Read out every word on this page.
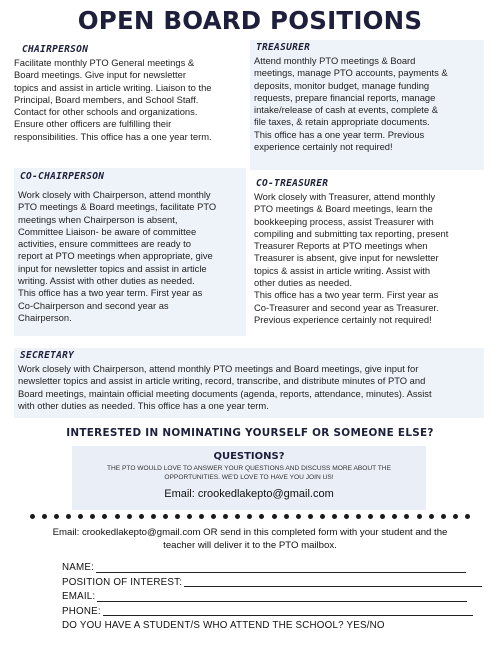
OPEN BOARD POSITIONS
CHAIRPERSON
Facilitate monthly PTO General meetings &
Board meetings. Give input for newsletter
topics and assist in article writing. Liaison to the
Principal, Board members, and School Staff.
Contact for other schools and organizations.
Ensure other officers are fulfilling their
responsibilities. This office has a one year term.
TREASURER
Attend monthly PTO meetings & Board
meetings, manage PTO accounts, payments &
deposits, monitor budget, manage funding
requests, prepare financial reports, manage
intake/release of cash at events, complete &
file taxes, & retain appropriate documents.
This office has a one year term. Previous
experience certainly not required!
CO-CHAIRPERSON
Work closely with Chairperson, attend monthly
PTO meetings & Board meetings, facilitate PTO
meetings when Chairperson is absent,
Committee Liaison- be aware of committee
activities, ensure committees are ready to
report at PTO meetings when appropriate, give
input for newsletter topics and assist in article
writing. Assist with other duties as needed.
This office has a two year term. First year as
Co-Chairperson and second year as
Chairperson.
CO-TREASURER
Work closely with Treasurer, attend monthly
PTO meetings & Board meetings, learn the
bookkeeping process, assist Treasurer with
compiling and submitting tax reporting, present
Treasurer Reports at PTO meetings when
Treasurer is absent, give input for newsletter
topics & assist in article writing. Assist with
other duties as needed.
This office has a two year term. First year as
Co-Treasurer and second year as Treasurer.
Previous experience certainly not required!
SECRETARY
Work closely with Chairperson, attend monthly PTO meetings and Board meetings, give input for
newsletter topics and assist in article writing, record, transcribe, and distribute minutes of PTO and
Board meetings, maintain official meeting documents (agenda, reports, attendance, minutes). Assist
with other duties as needed. This office has a one year term.
INTERESTED IN NOMINATING YOURSELF OR SOMEONE ELSE?
QUESTIONS?
THE PTO WOULD LOVE TO ANSWER YOUR QUESTIONS AND DISCUSS MORE ABOUT THE
OPPORTUNITIES. WE'D LOVE TO HAVE YOU JOIN US!
Email: crookedlakepto@gmail.com
Email: crookedlakepto@gmail.com OR send in this completed form with your student and the
teacher will deliver it to the PTO mailbox.
NAME:
POSITION OF INTEREST:
EMAIL:
PHONE:
DO YOU HAVE A STUDENT/S WHO ATTEND THE SCHOOL? YES/NO
